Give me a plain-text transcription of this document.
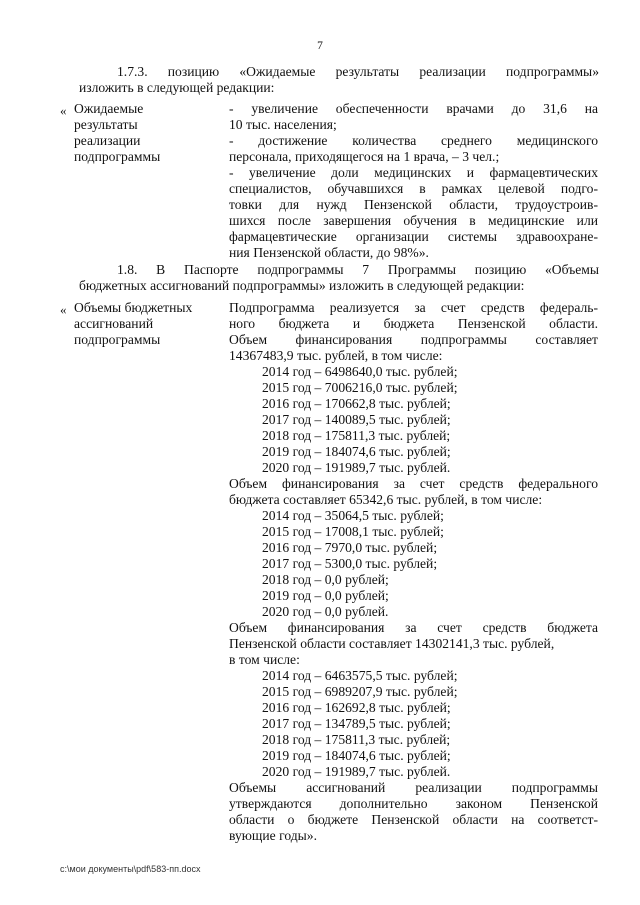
7
1.7.3. позицию «Ожидаемые результаты реализации подпрограммы»
изложить в следующей редакции:
« Ожидаемые
результаты
реализации
подпрограммы
- увеличение обеспеченности врачами до 31,6 на
10 тыс. населения;
- достижение количества среднего медицинского
персонала, приходящегося на 1 врача, – 3 чел.;
- увеличение доли медицинских и фармацевтических
специалистов, обучавшихся в рамках целевой подго-
товки для нужд Пензенской области, трудоустроив-
шихся после завершения обучения в медицинские или
фармацевтические организации системы здравоохране-
ния Пензенской области, до 98%».
1.8. В Паспорте подпрограммы 7 Программы позицию «Объемы
бюджетных ассигнований подпрограммы» изложить в следующей редакции:
« Объемы бюджетных
ассигнований
подпрограммы
Подпрограмма реализуется за счет средств федераль-
ного бюджета и бюджета Пензенской области.
Объем финансирования подпрограммы составляет
14367483,9 тыс. рублей, в том числе:
2014 год – 6498640,0 тыс. рублей;
2015 год – 7006216,0 тыс. рублей;
2016 год – 170662,8 тыс. рублей;
2017 год – 140089,5 тыс. рублей;
2018 год – 175811,3 тыс. рублей;
2019 год – 184074,6 тыс. рублей;
2020 год – 191989,7 тыс. рублей.
Объем финансирования за счет средств федерального
бюджета составляет 65342,6 тыс. рублей, в том числе:
2014 год – 35064,5 тыс. рублей;
2015 год – 17008,1 тыс. рублей;
2016 год – 7970,0 тыс. рублей;
2017 год – 5300,0 тыс. рублей;
2018 год – 0,0 рублей;
2019 год – 0,0 рублей;
2020 год – 0,0 рублей.
Объем финансирования за счет средств бюджета
Пензенской области составляет 14302141,3 тыс. рублей,
в том числе:
2014 год – 6463575,5 тыс. рублей;
2015 год – 6989207,9 тыс. рублей;
2016 год – 162692,8 тыс. рублей;
2017 год – 134789,5 тыс. рублей;
2018 год – 175811,3 тыс. рублей;
2019 год – 184074,6 тыс. рублей;
2020 год – 191989,7 тыс. рублей.
Объемы ассигнований реализации подпрограммы
утверждаются дополнительно законом Пензенской
области о бюджете Пензенской области на соответст-
вующие годы».
c:\мои документы\pdf\583-пп.docx
